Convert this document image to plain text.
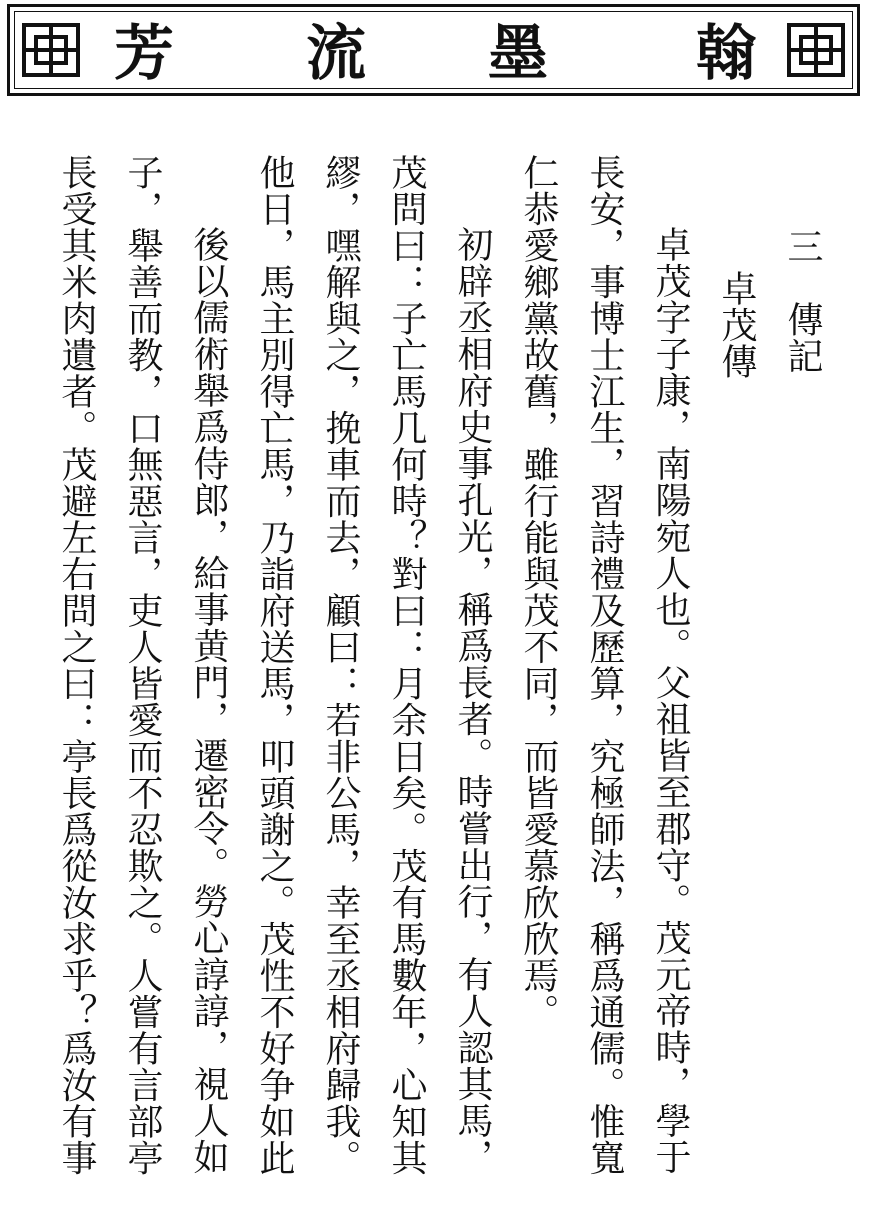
翰
墨
流
芳
三　傳記
卓茂傳
卓茂字子康，南陽宛人也。父祖皆至郡守。茂元帝時，學于
長安，事博士江生，習詩禮及歷算，究極師法，稱爲通儒。惟寬
仁恭愛鄉黨故舊，雖行能與茂不同，而皆愛慕欣欣焉。
初辟丞相府史事孔光，稱爲長者。時嘗出行，有人認其馬，
茂問曰：子亡馬几何時？對曰：月余日矣。茂有馬數年，心知其
繆，嘿解與之，挽車而去，顧曰：若非公馬，幸至丞相府歸我。
他日，馬主別得亡馬，乃詣府送馬，叩頭謝之。茂性不好争如此
後以儒術舉爲侍郎，給事黄門，遷密令。勞心諄諄，視人如
子，舉善而教，口無惡言，吏人皆愛而不忍欺之。人嘗有言部亭
長受其米肉遺者。茂避左右問之曰：亭長爲從汝求乎？爲汝有事
